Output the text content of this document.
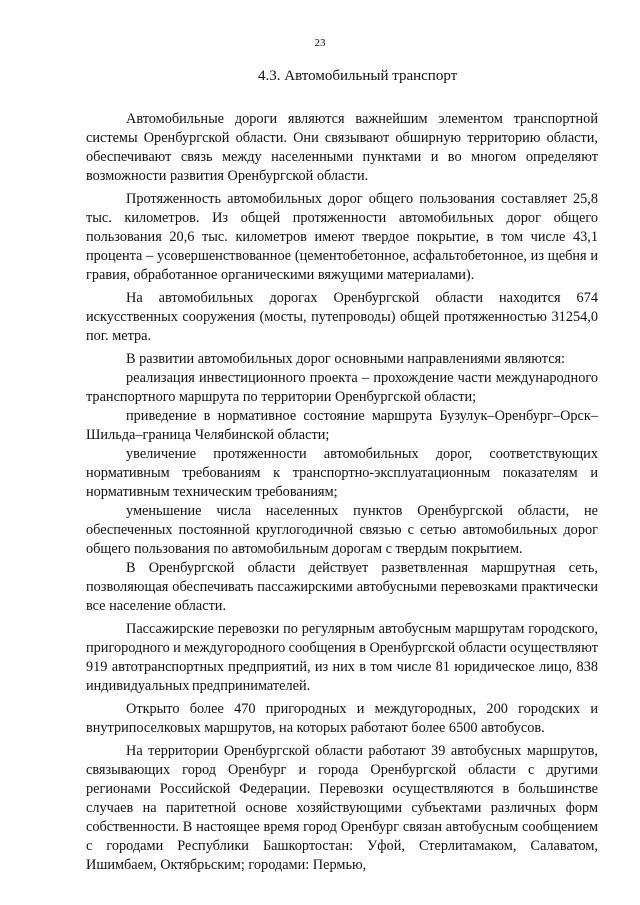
23
4.3. Автомобильный транспорт

Автомобильные дороги являются важнейшим элементом транспортной системы Оренбургской области. Они связывают обширную территорию области, обеспечивают связь между населенными пунктами и во многом определяют возможности развития Оренбургской области.

Протяженность автомобильных дорог общего пользования составляет 25,8 тыс. километров. Из общей протяженности автомобильных дорог общего пользования 20,6 тыс. километров имеют твердое покрытие, в том числе 43,1 процента – усовершенствованное (цементобетонное, асфальтобетонное, из щебня и гравия, обработанное органическими вяжущими материалами).

На автомобильных дорогах Оренбургской области находится 674 искусственных сооружения (мосты, путепроводы) общей протяженностью 31254,0 пог. метра.

В развитии автомобильных дорог основными направлениями являются:

реализация инвестиционного проекта – прохождение части международного транспортного маршрута по территории Оренбургской области;

приведение в нормативное состояние маршрута Бузулук–Оренбург–Орск–Шильда–граница Челябинской области;

увеличение протяженности автомобильных дорог, соответствующих нормативным требованиям к транспортно-эксплуатационным показателям и нормативным техническим требованиям;

уменьшение числа населенных пунктов Оренбургской области, не обеспеченных постоянной круглогодичной связью с сетью автомобильных дорог общего пользования по автомобильным дорогам с твердым покрытием.

В Оренбургской области действует разветвленная маршрутная сеть, позволяющая обеспечивать пассажирскими автобусными перевозками практически все население области.

Пассажирские перевозки по регулярным автобусным маршрутам городского, пригородного и междугородного сообщения в Оренбургской области осуществляют 919 автотранспортных предприятий, из них в том числе 81 юридическое лицо, 838 индивидуальных предпринимателей.

Открыто более 470 пригородных и междугородных, 200 городских и внутрипоселковых маршрутов, на которых работают более 6500 автобусов.

На территории Оренбургской области работают 39 автобусных маршрутов, связывающих город Оренбург и города Оренбургской области с другими регионами Российской Федерации. Перевозки осуществляются в большинстве случаев на паритетной основе хозяйствующими субъектами различных форм собственности. В настоящее время город Оренбург связан автобусным сообщением с городами Республики Башкортостан: Уфой, Стерлитамаком, Салаватом, Ишимбаем, Октябрьским; городами: Пермью,
